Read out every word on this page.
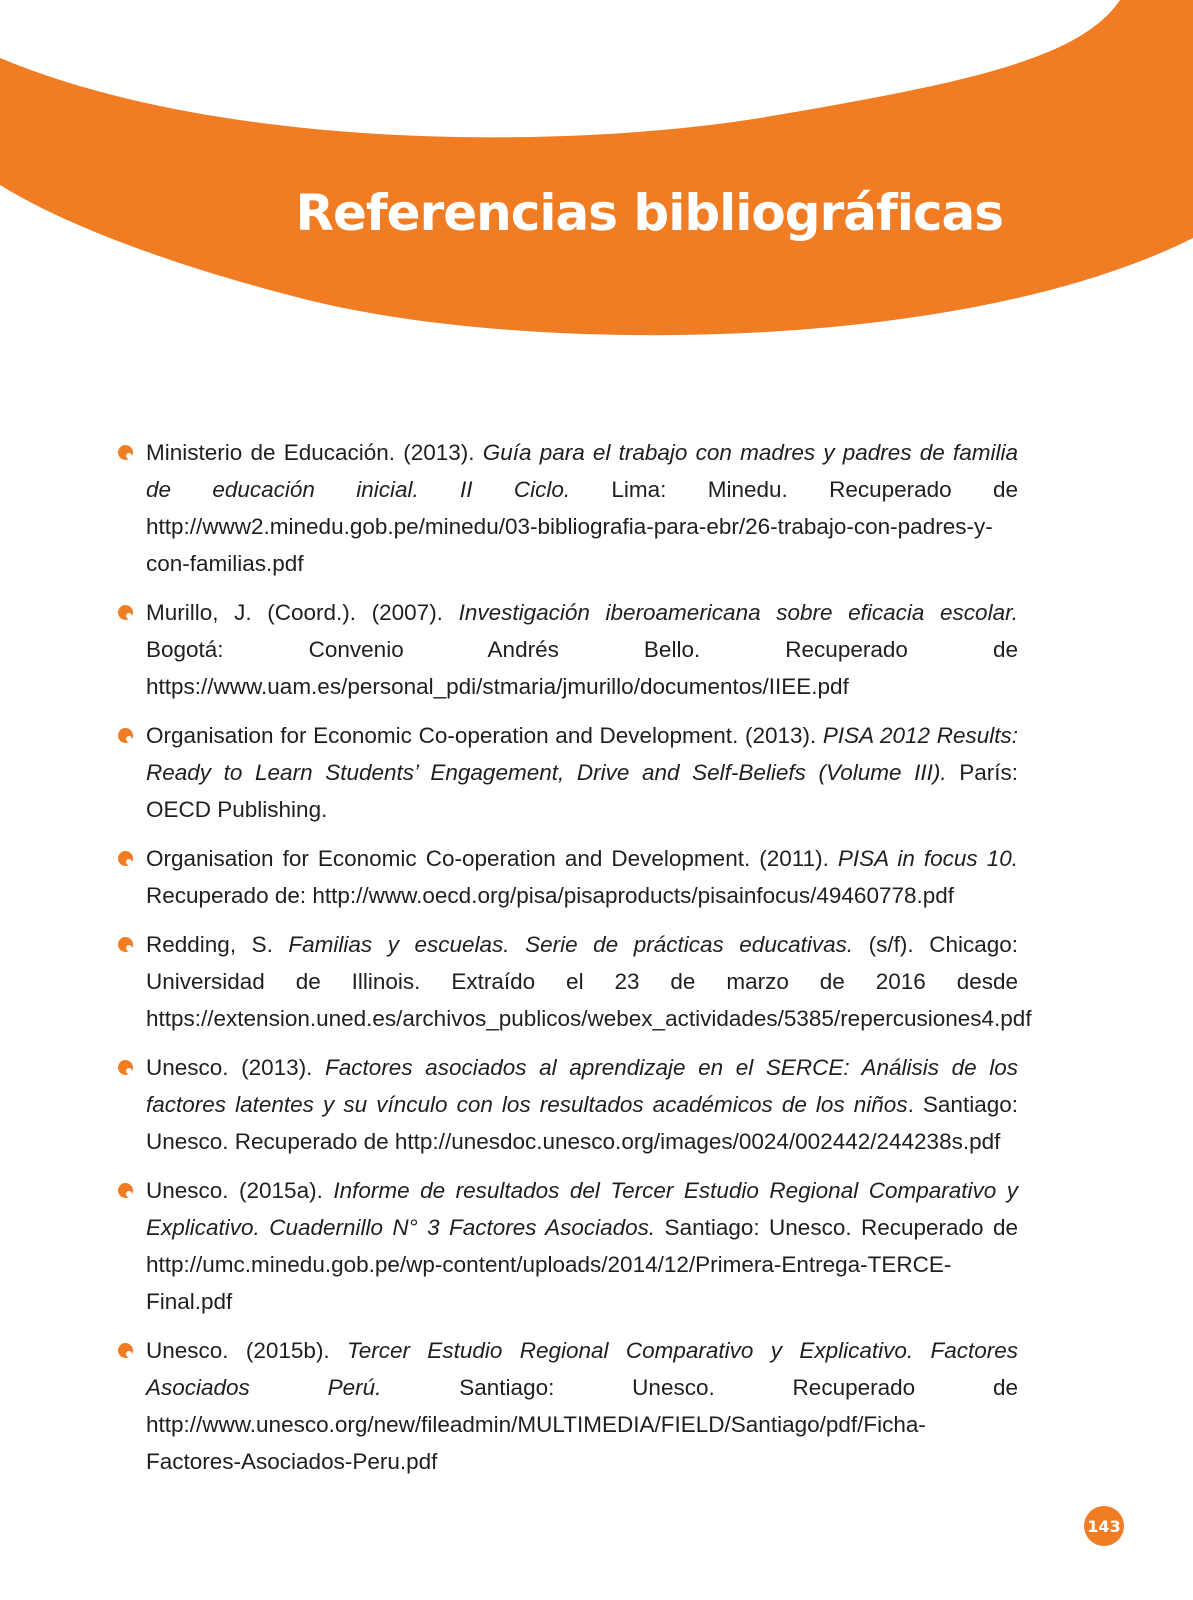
Referencias bibliográficas
Ministerio de Educación. (2013). Guía para el trabajo con madres y padres de familia de educación inicial. II Ciclo. Lima: Minedu. Recuperado de http://www2.minedu.gob.pe/minedu/03-bibliografia-para-ebr/26-trabajo-con-padres-y-con-familias.pdf
Murillo, J. (Coord.). (2007). Investigación iberoamericana sobre eficacia escolar. Bogotá: Convenio Andrés Bello. Recuperado de https://www.uam.es/personal_pdi/stmaria/jmurillo/documentos/IIEE.pdf
Organisation for Economic Co-operation and Development. (2013). PISA 2012 Results: Ready to Learn Students’ Engagement, Drive and Self-Beliefs (Volume III). París: OECD Publishing.
Organisation for Economic Co-operation and Development. (2011). PISA in focus 10. Recuperado de: http://www.oecd.org/pisa/pisaproducts/pisainfocus/49460778.pdf
Redding, S. Familias y escuelas. Serie de prácticas educativas. (s/f). Chicago: Universidad de Illinois. Extraído el 23 de marzo de 2016 desde https://extension.uned.es/archivos_publicos/webex_actividades/5385/repercusiones4.pdf
Unesco. (2013). Factores asociados al aprendizaje en el SERCE: Análisis de los factores latentes y su vínculo con los resultados académicos de los niños. Santiago: Unesco. Recuperado de http://unesdoc.unesco.org/images/0024/002442/244238s.pdf
Unesco. (2015a). Informe de resultados del Tercer Estudio Regional Comparativo y Explicativo. Cuadernillo N° 3 Factores Asociados. Santiago: Unesco. Recuperado de http://umc.minedu.gob.pe/wp-content/uploads/2014/12/Primera-Entrega-TERCE-Final.pdf
Unesco. (2015b). Tercer Estudio Regional Comparativo y Explicativo. Factores Asociados Perú. Santiago: Unesco. Recuperado de http://www.unesco.org/new/fileadmin/MULTIMEDIA/FIELD/Santiago/pdf/Ficha-Factores-Asociados-Peru.pdf
143
